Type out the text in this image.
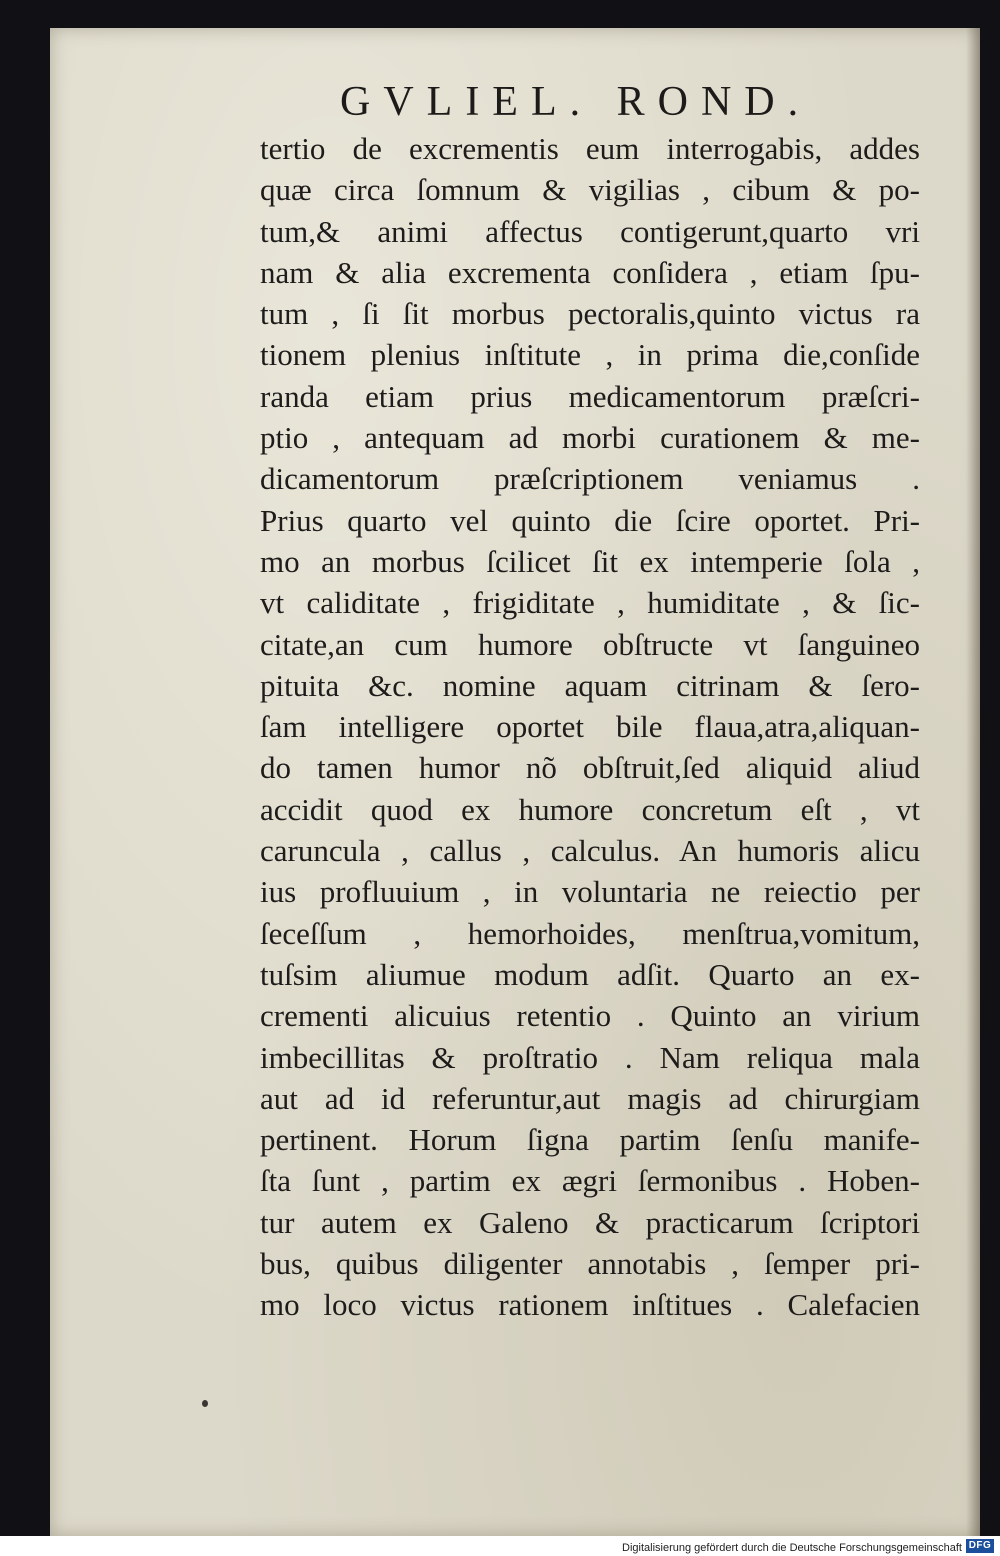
GVLIEL. ROND.
tertio de excrementis eum interrogabis, addes
quæ circa ſomnum & vigilias , cibum & po-
tum,& animi affectus contigerunt,quarto vri
nam & alia excrementa conſidera , etiam ſpu-
tum , ſi ſit morbus pectoralis,quinto victus ra
tionem plenius inſtitute , in prima die,conſide
randa etiam prius medicamentorum præſcri-
ptio , antequam ad morbi curationem & me-
dicamentorum præſcriptionem veniamus .
Prius quarto vel quinto die ſcire oportet. Pri-
mo an morbus ſcilicet ſit ex intemperie ſola ,
vt caliditate , frigiditate , humiditate , & ſic-
citate,an cum humore obſtructe vt ſanguineo
pituita &c. nomine aquam citrinam & ſero-
ſam intelligere oportet bile flaua,atra,aliquan-
do tamen humor nõ obſtruit,ſed aliquid aliud
accidit quod ex humore concretum eſt , vt
caruncula , callus , calculus. An humoris alicu
ius profluuium , in voluntaria ne reiectio per
ſeceſſum , hemorhoides, menſtrua,vomitum,
tuſsim aliumue modum adſit. Quarto an ex-
crementi alicuius retentio . Quinto an virium
imbecillitas & proſtratio . Nam reliqua mala
aut ad id referuntur,aut magis ad chirurgiam
pertinent. Horum ſigna partim ſenſu manife-
ſta ſunt , partim ex ægri ſermonibus . Hoben-
tur autem ex Galeno & practicarum ſcriptori
bus, quibus diligenter annotabis , ſemper pri-
mo loco victus rationem inſtitues . Calefacien
Digitalisierung gefördert durch die Deutsche Forschungsgemeinschaft DFG
